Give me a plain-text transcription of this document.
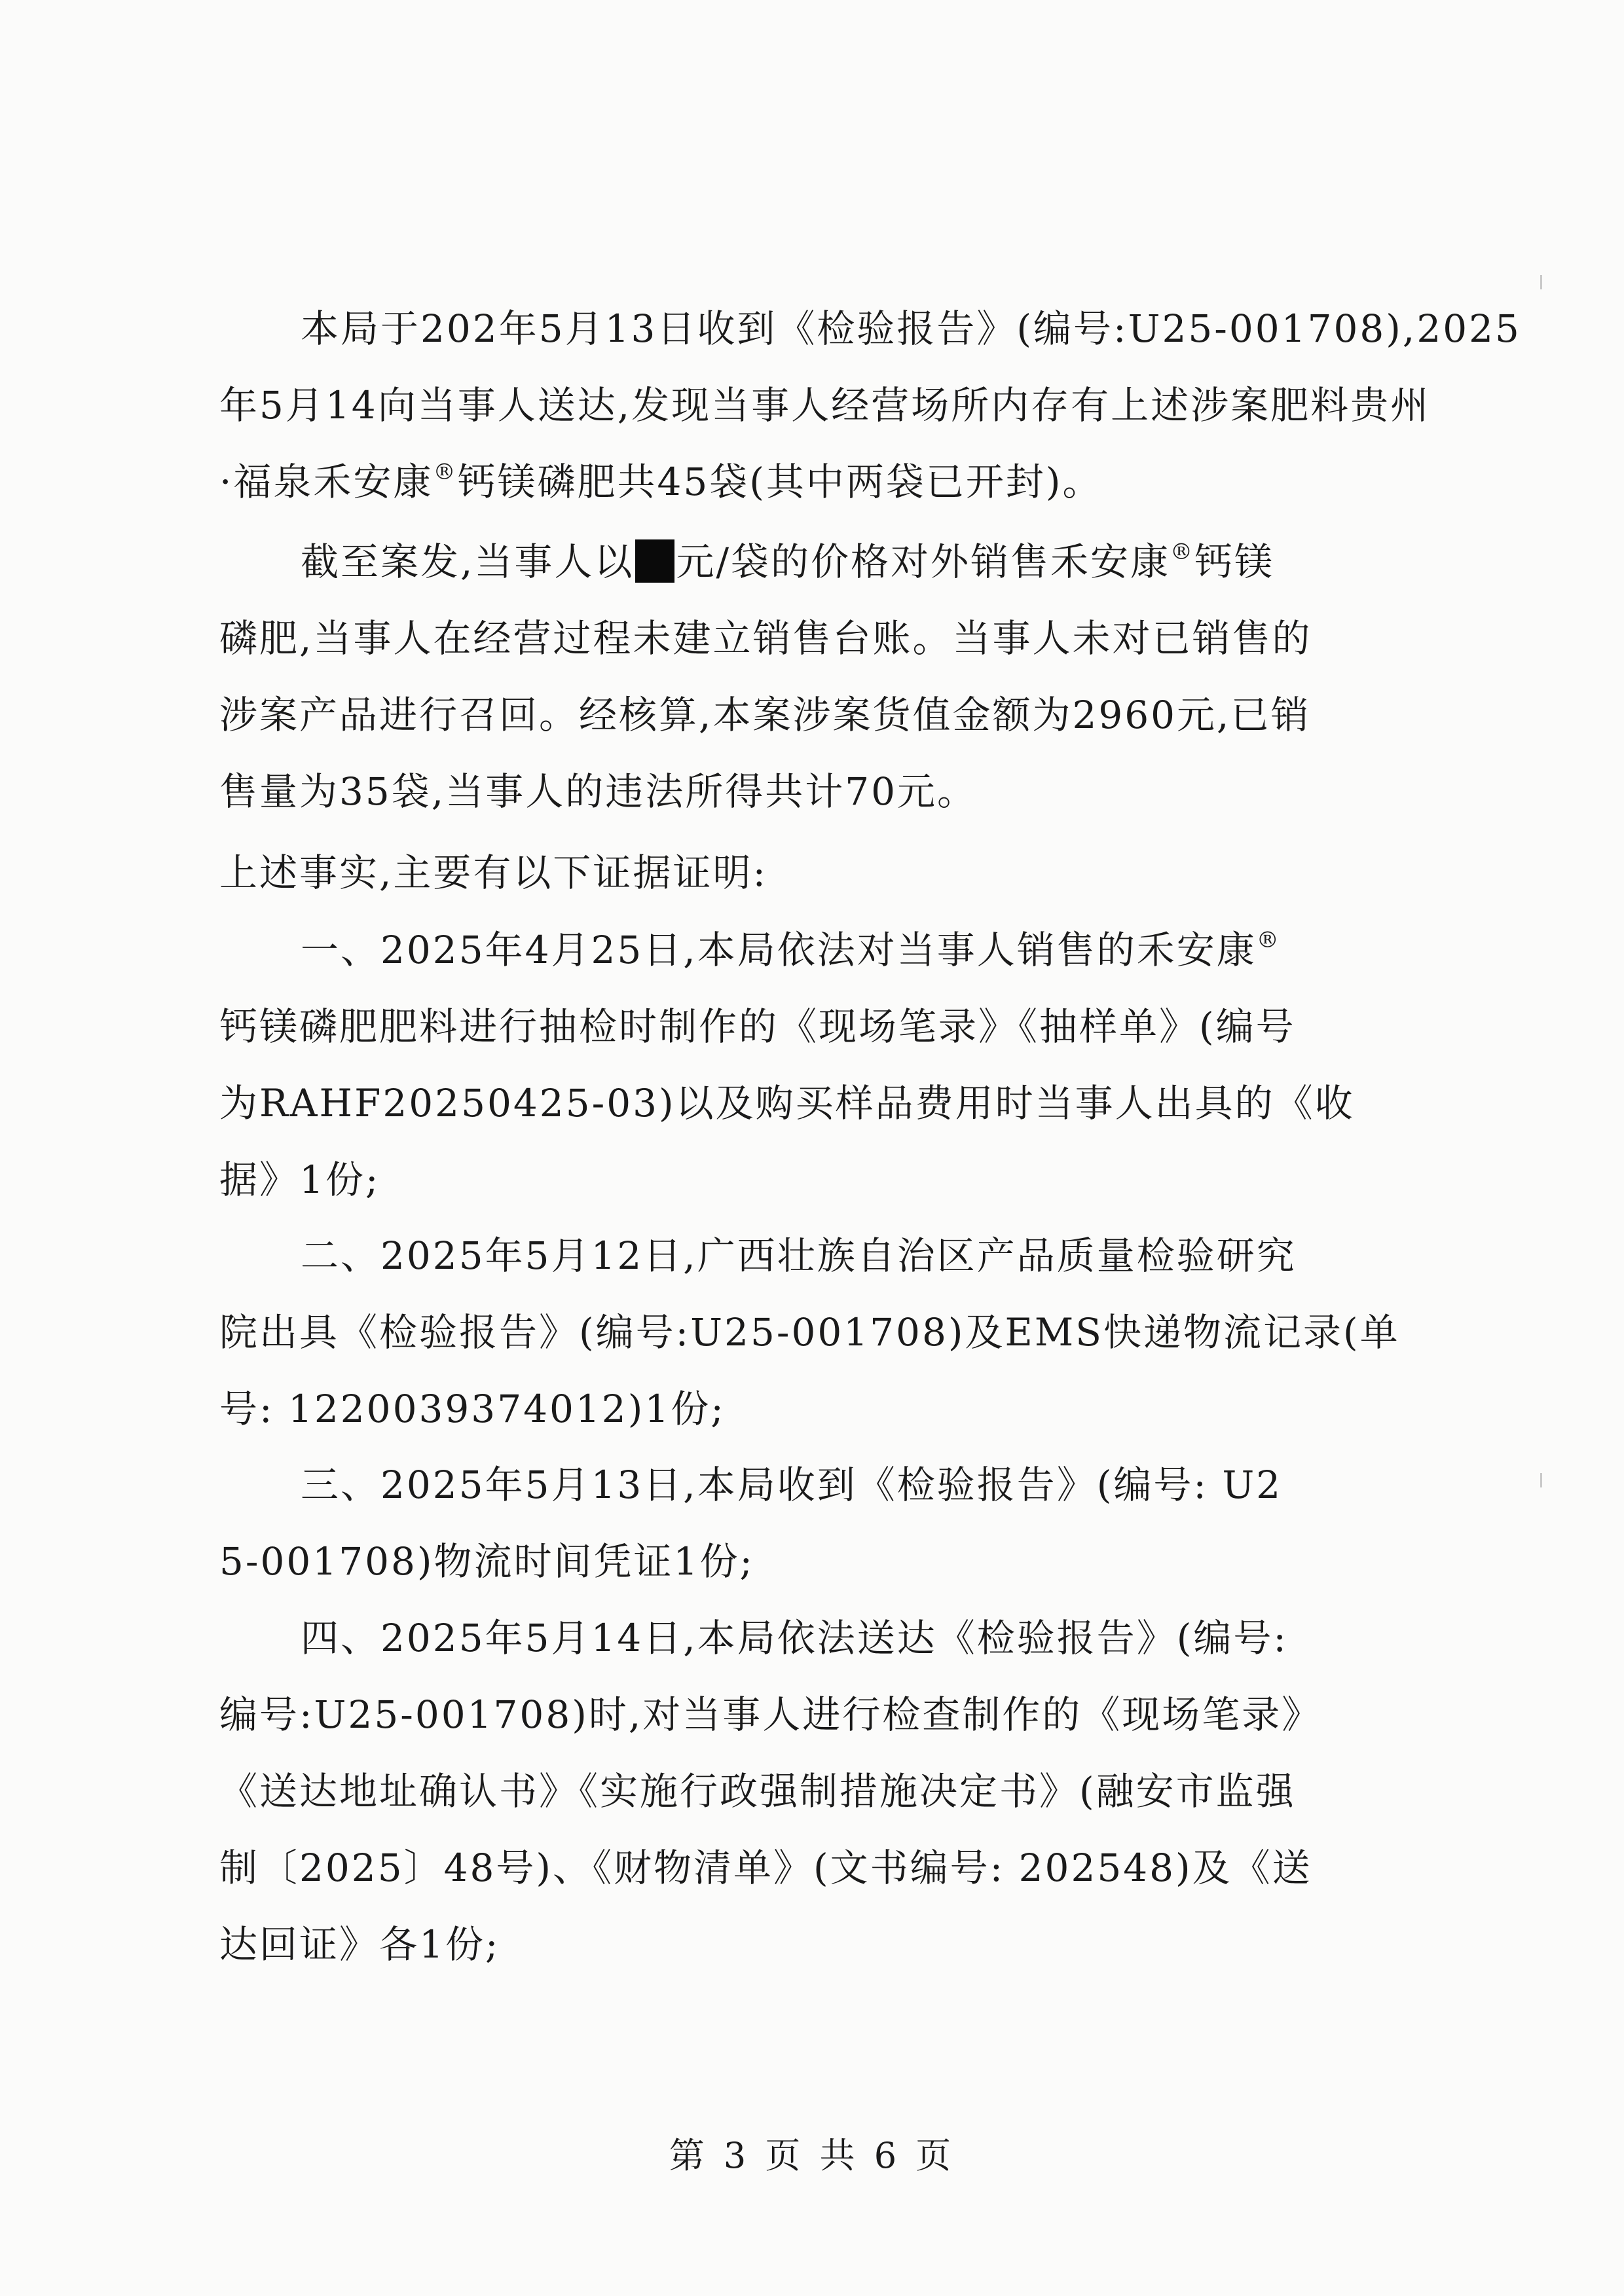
本局于202年5月13日收到《检验报告》(编号:U25-001708),2025
年5月14向当事人送达,发现当事人经营场所内存有上述涉案肥料贵州
·福泉禾安康®钙镁磷肥共45袋(其中两袋已开封)。
截至案发,当事人以 元/袋的价格对外销售禾安康®钙镁
磷肥,当事人在经营过程未建立销售台账。当事人未对已销售的
涉案产品进行召回。经核算,本案涉案货值金额为2960元,已销
售量为35袋,当事人的违法所得共计70元。
上述事实,主要有以下证据证明:
一、2025年4月25日,本局依法对当事人销售的禾安康®
钙镁磷肥肥料进行抽检时制作的《现场笔录》《抽样单》(编号
为RAHF20250425-03)以及购买样品费用时当事人出具的《收
据》1份;
二、2025年5月12日,广西壮族自治区产品质量检验研究
院出具《检验报告》(编号:U25-001708)及EMS快递物流记录(单
号: 1220039374012)1份;
三、2025年5月13日,本局收到《检验报告》(编号: U2
5-001708)物流时间凭证1份;
四、2025年5月14日,本局依法送达《检验报告》(编号:
编号:U25-001708)时,对当事人进行检查制作的《现场笔录》
《送达地址确认书》《实施行政强制措施决定书》(融安市监强
制〔2025〕48号)、《财物清单》(文书编号: 202548)及《送
达回证》各1份;
第 3 页 共 6 页
